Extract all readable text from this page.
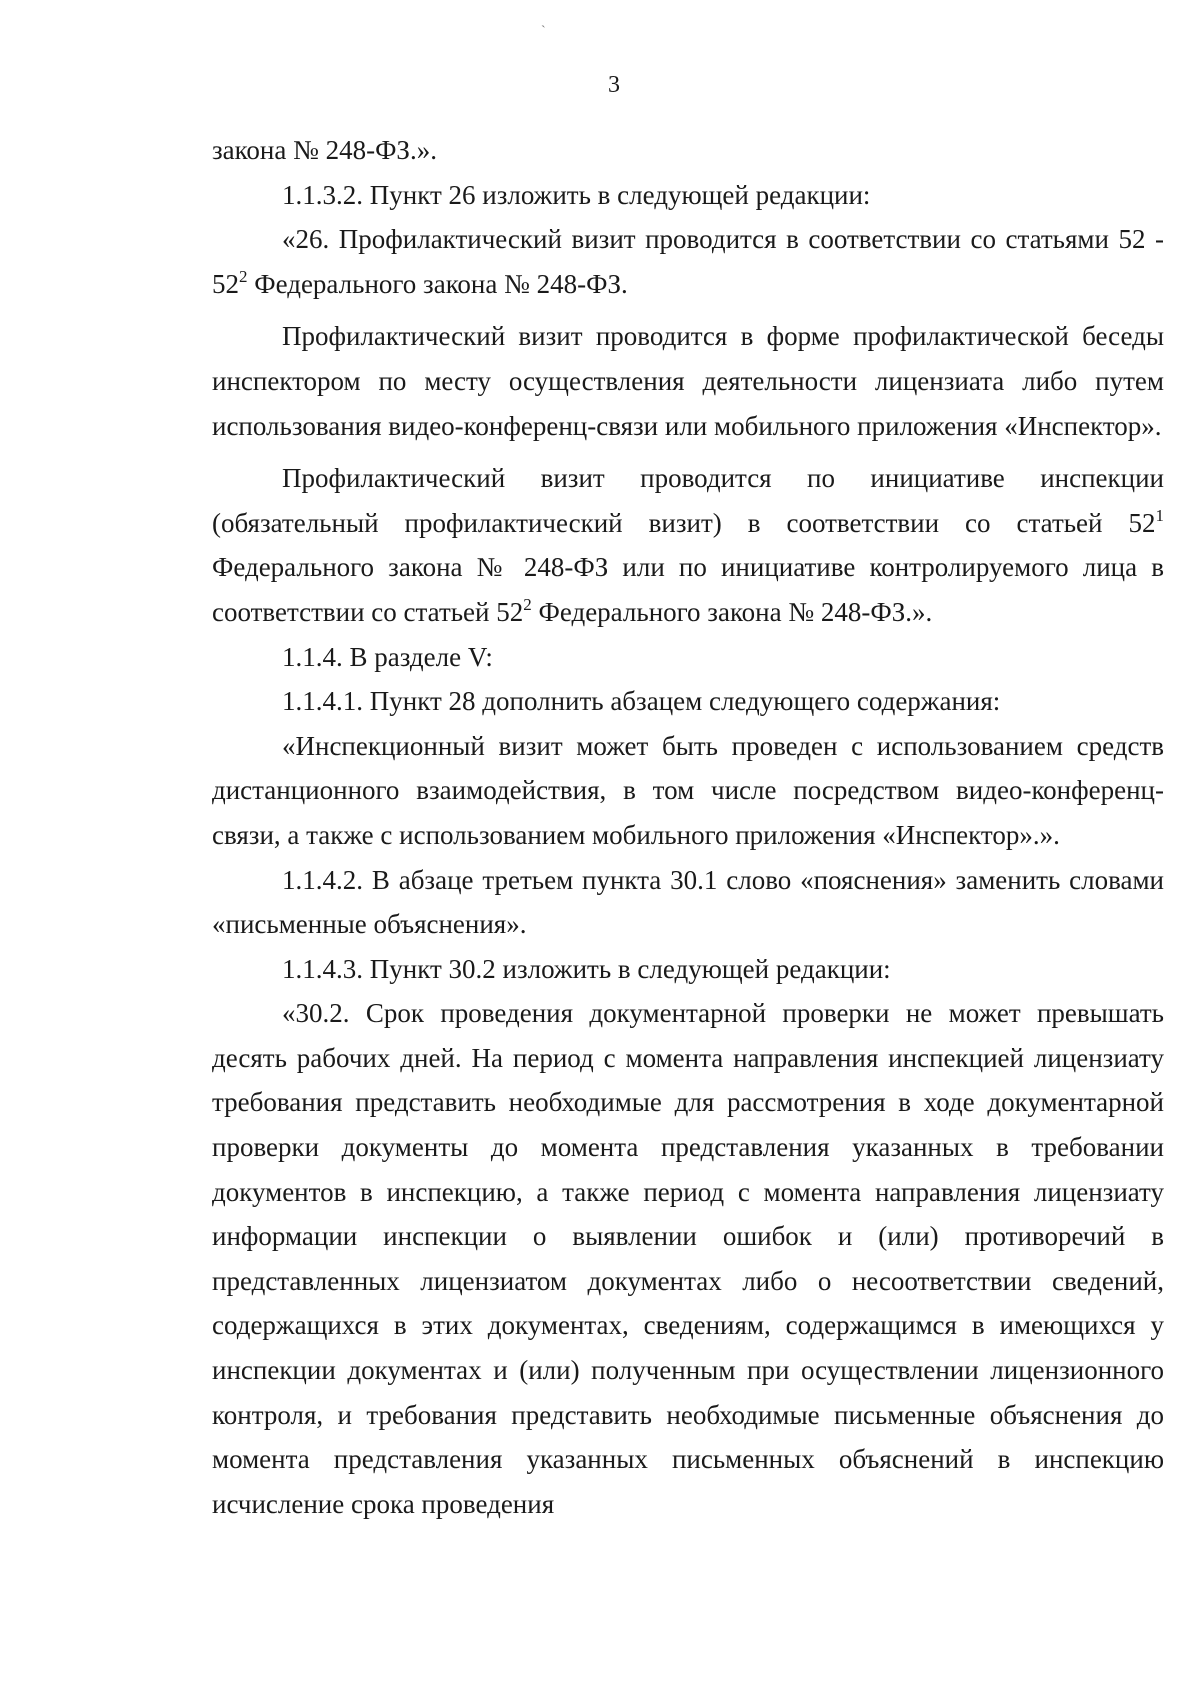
ˋ
3

закона № 248-ФЗ.».

1.1.3.2. Пункт 26 изложить в следующей редакции:

«26. Профилактический визит проводится в соответствии со статьями $52 - 52^2$ Федерального закона № 248-ФЗ.

Профилактический визит проводится в форме профилактической беседы инспектором по месту осуществления деятельности лицензиата либо путем использования видео-конференц-связи или мобильного приложения «Инспектор».

Профилактический визит проводится по инициативе инспекции (обязательный профилактический визит) в соответствии со статьей $52^1$ Федерального закона № 248-ФЗ или по инициативе контролируемого лица в соответствии со статьей $52^2$ Федерального закона № 248-ФЗ.».

1.1.4. В разделе V:

1.1.4.1. Пункт 28 дополнить абзацем следующего содержания:

«Инспекционный визит может быть проведен с использованием средств дистанционного взаимодействия, в том числе посредством видео-конференц-связи, а также с использованием мобильного приложения «Инспектор».».

1.1.4.2. В абзаце третьем пункта 30.1 слово «пояснения» заменить словами «письменные объяснения».

1.1.4.3. Пункт 30.2 изложить в следующей редакции:

«30.2. Срок проведения документарной проверки не может превышать десять рабочих дней. На период с момента направления инспекцией лицензиату требования представить необходимые для рассмотрения в ходе документарной проверки документы до момента представления указанных в требовании документов в инспекцию, а также период с момента направления лицензиату информации инспекции о выявлении ошибок и (или) противоречий в представленных лицензиатом документах либо о несоответствии сведений, содержащихся в этих документах, сведениям, содержащимся в имеющихся у инспекции документах и (или) полученным при осуществлении лицензионного контроля, и требования представить необходимые письменные объяснения до момента представления указанных письменных объяснений в инспекцию исчисление срока проведения
